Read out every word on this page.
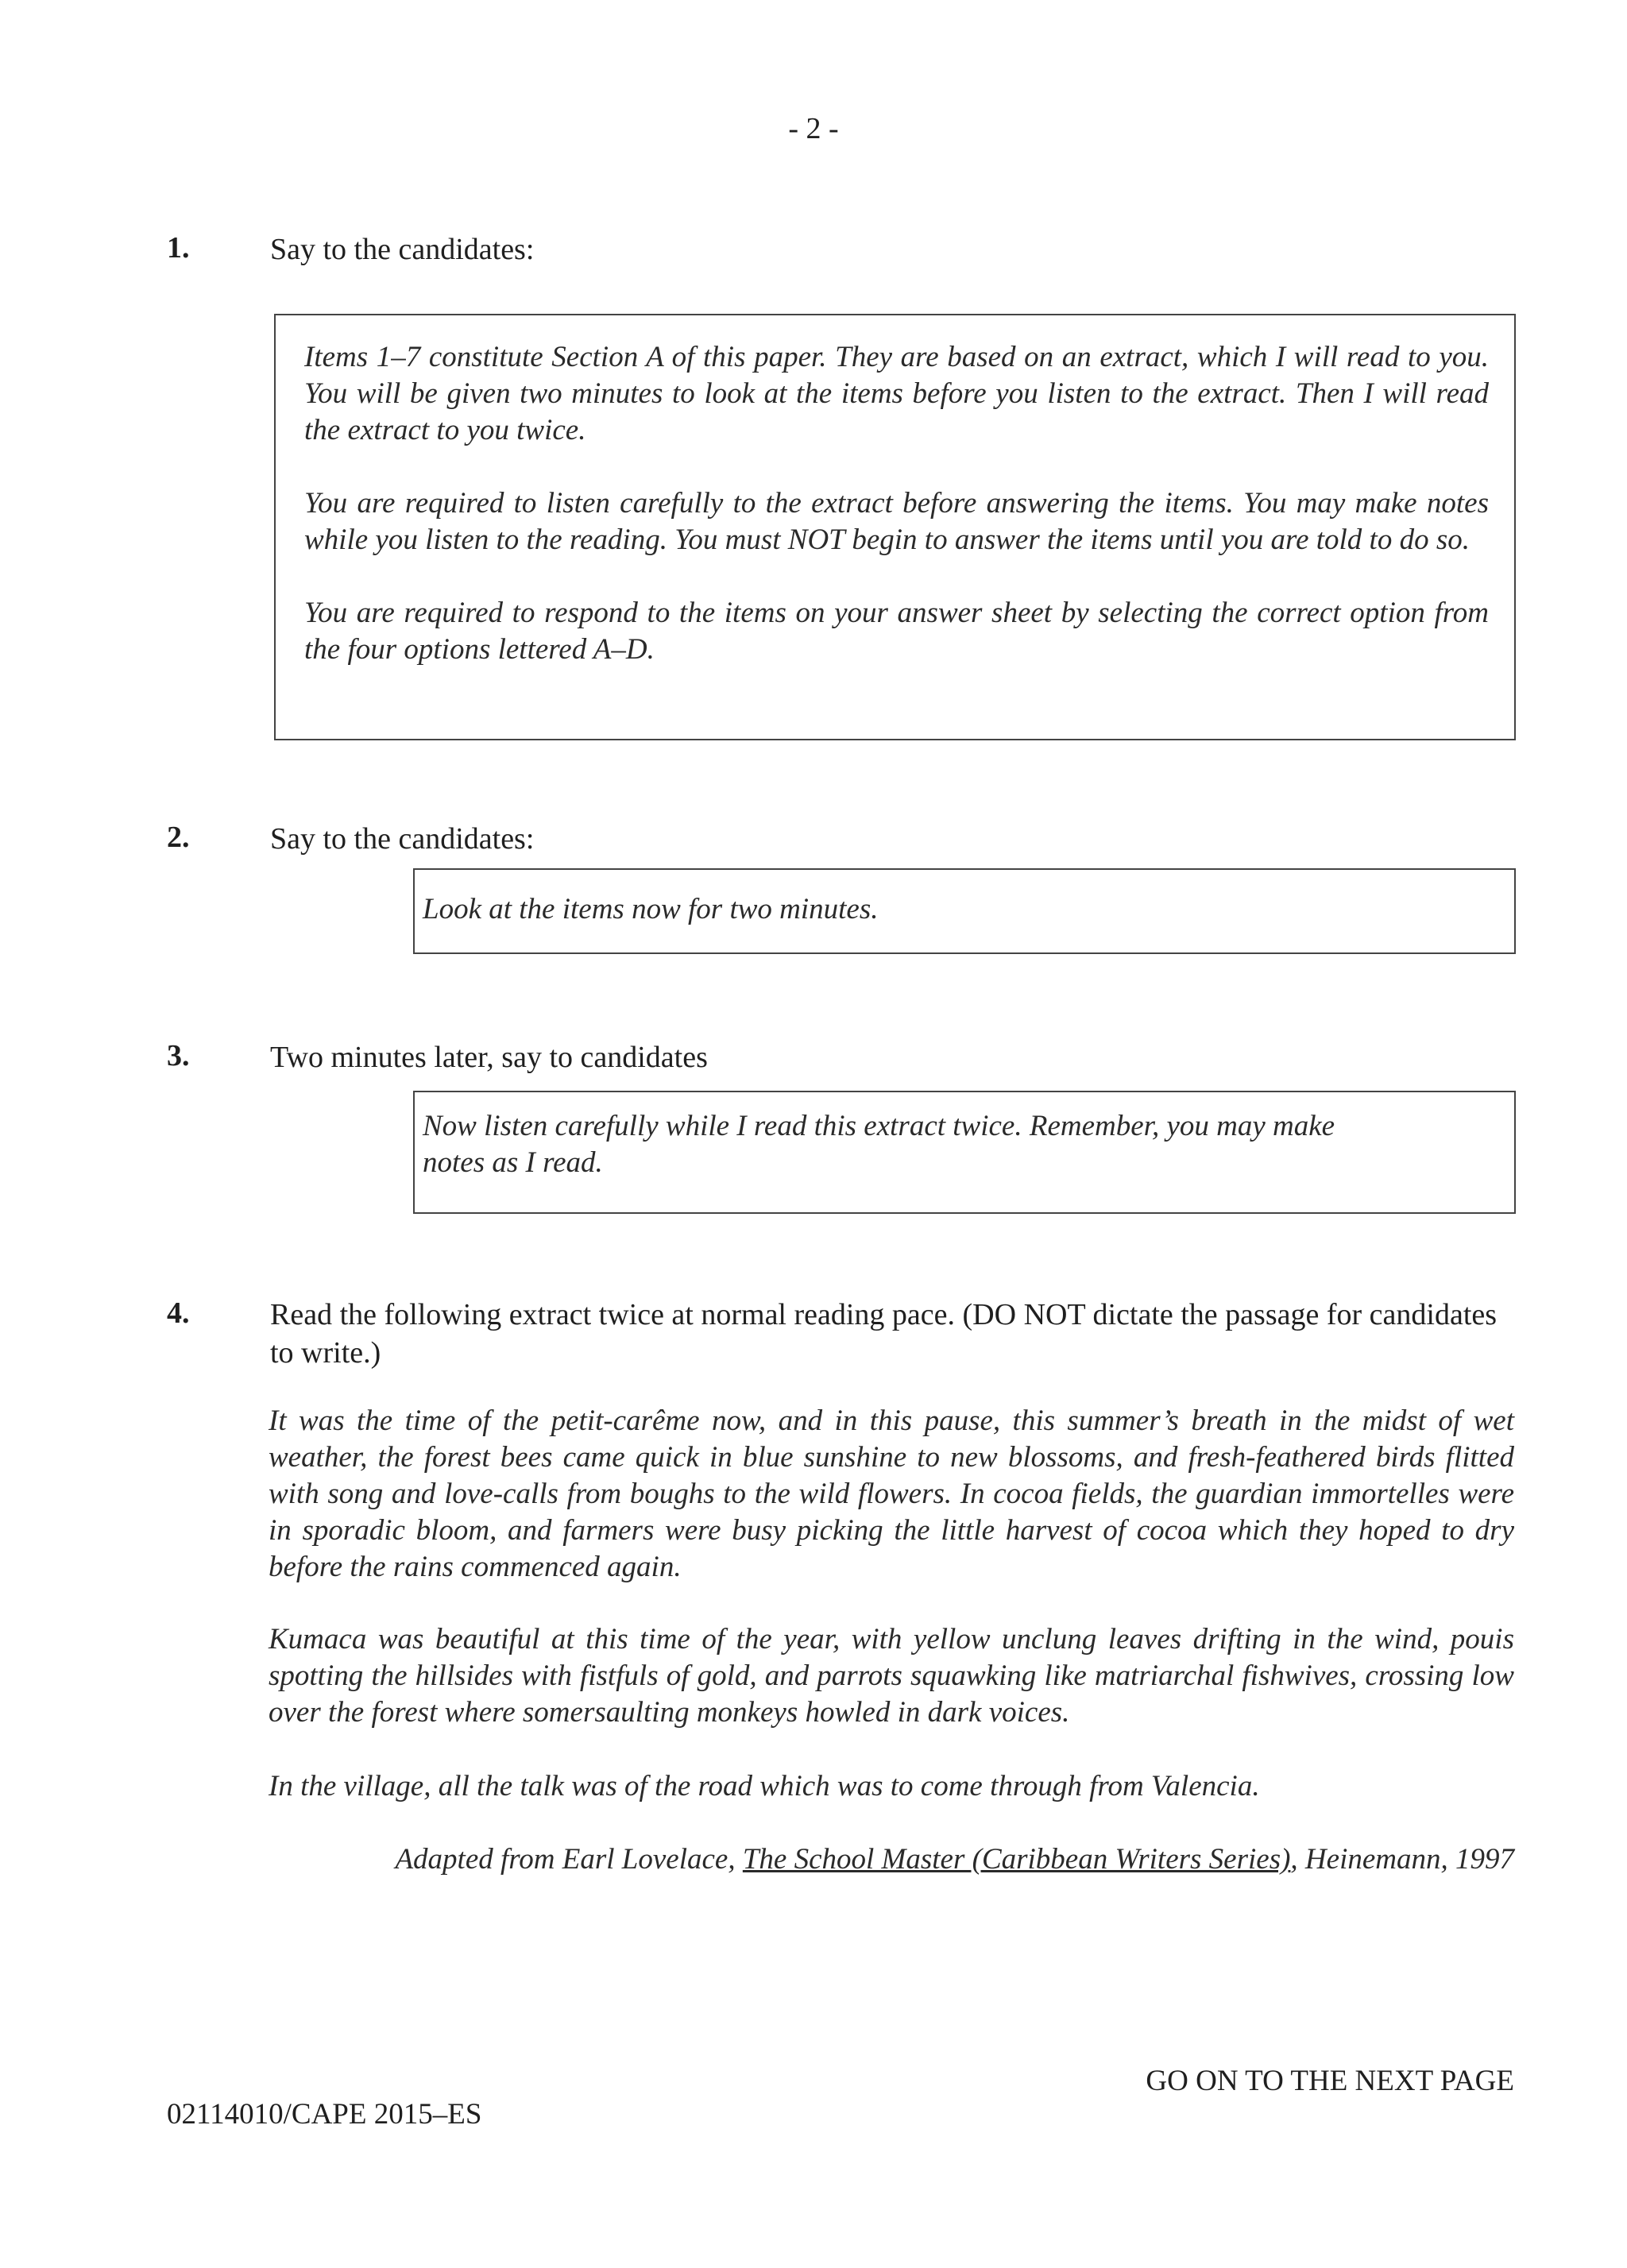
- 2 -
1.	Say to the candidates:

Items 1–7 constitute Section A of this paper. They are based on an extract, which I will read to you. You will be given two minutes to look at the items before you listen to the extract. Then I will read the extract to you twice.

You are required to listen carefully to the extract before answering the items. You may make notes while you listen to the reading. You must NOT begin to answer the items until you are told to do so.

You are required to respond to the items on your answer sheet by selecting the correct option from the four options lettered A–D.

2.	Say to the candidates:

Look at the items now for two minutes.

3.	Two minutes later, say to candidates

Now listen carefully while I read this extract twice. Remember, you may make notes as I read.

4.	Read the following extract twice at normal reading pace. (DO NOT dictate the passage for candidates to write.)

It was the time of the petit-carême now, and in this pause, this summer’s breath in the midst of wet weather, the forest bees came quick in blue sunshine to new blossoms, and fresh-feathered birds flitted with song and love-calls from boughs to the wild flowers. In cocoa fields, the guardian immortelles were in sporadic bloom, and farmers were busy picking the little harvest of cocoa which they hoped to dry before the rains commenced again.

Kumaca was beautiful at this time of the year, with yellow unclung leaves drifting in the wind, pouis spotting the hillsides with fistfuls of gold, and parrots squawking like matriarchal fishwives, crossing low over the forest where somersaulting monkeys howled in dark voices.

In the village, all the talk was of the road which was to come through from Valencia.

Adapted from Earl Lovelace, The School Master (Caribbean Writers Series), Heinemann, 1997
GO ON TO THE NEXT PAGE
02114010/CAPE 2015–ES
